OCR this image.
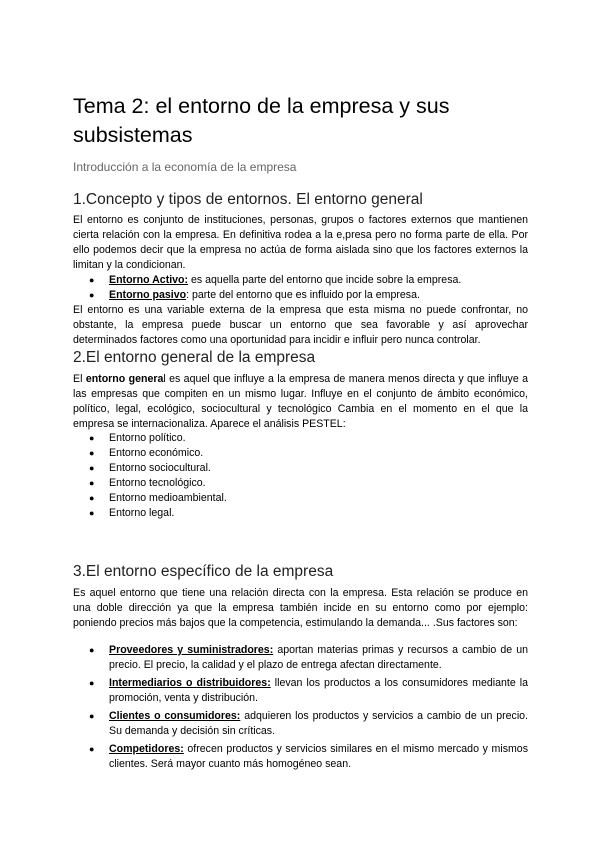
Tema 2: el entorno de la empresa y sus subsistemas

Introducción a la economía de la empresa

1.Concepto y tipos de entornos. El entorno general

El entorno es conjunto de instituciones, personas, grupos o factores externos que mantienen cierta relación con la empresa. En definitiva rodea a la e,presa pero no forma parte de ella. Por ello podemos decir que la empresa no actúa de forma aislada sino que los factores externos la limitan y la condicionan.

● Entorno Activo: es aquella parte del entorno que incide sobre la empresa.
● Entorno pasivo: parte del entorno que es influido por la empresa.

El entorno es una variable externa de la empresa que esta misma no puede confrontar, no obstante, la empresa puede buscar un entorno que sea favorable y así aprovechar determinados factores como una oportunidad para incidir e influir pero nunca controlar.

2.El entorno general de la empresa

El entorno general es aquel que influye a la empresa de manera menos directa y que influye a las empresas que compiten en un mismo lugar. Influye en el conjunto de ámbito económico, político, legal, ecológico, sociocultural y tecnológico Cambia en el momento en el que la empresa se internacionaliza. Aparece el análisis PESTEL:

● Entorno político.
● Entorno económico.
● Entorno sociocultural.
● Entorno tecnológico.
● Entorno medioambiental.
● Entorno legal.
3.El entorno específico de la empresa

Es aquel entorno que tiene una relación directa con la empresa. Esta relación se produce en una doble dirección ya que la empresa también incide en su entorno como por ejemplo: poniendo precios más bajos que la competencia, estimulando la demanda... .Sus factores son:

● Proveedores y suministradores: aportan materias primas y recursos a cambio de un precio. El precio, la calidad y el plazo de entrega afectan directamente.
● Intermediarios o distribuidores: llevan los productos a los consumidores mediante la promoción, venta y distribución.
● Clientes o consumidores: adquieren los productos y servicios a cambio de un precio. Su demanda y decisión sin críticas.
● Competidores: ofrecen productos y servicios similares en el mismo mercado y mismos clientes. Será mayor cuanto más homogéneo sean.
